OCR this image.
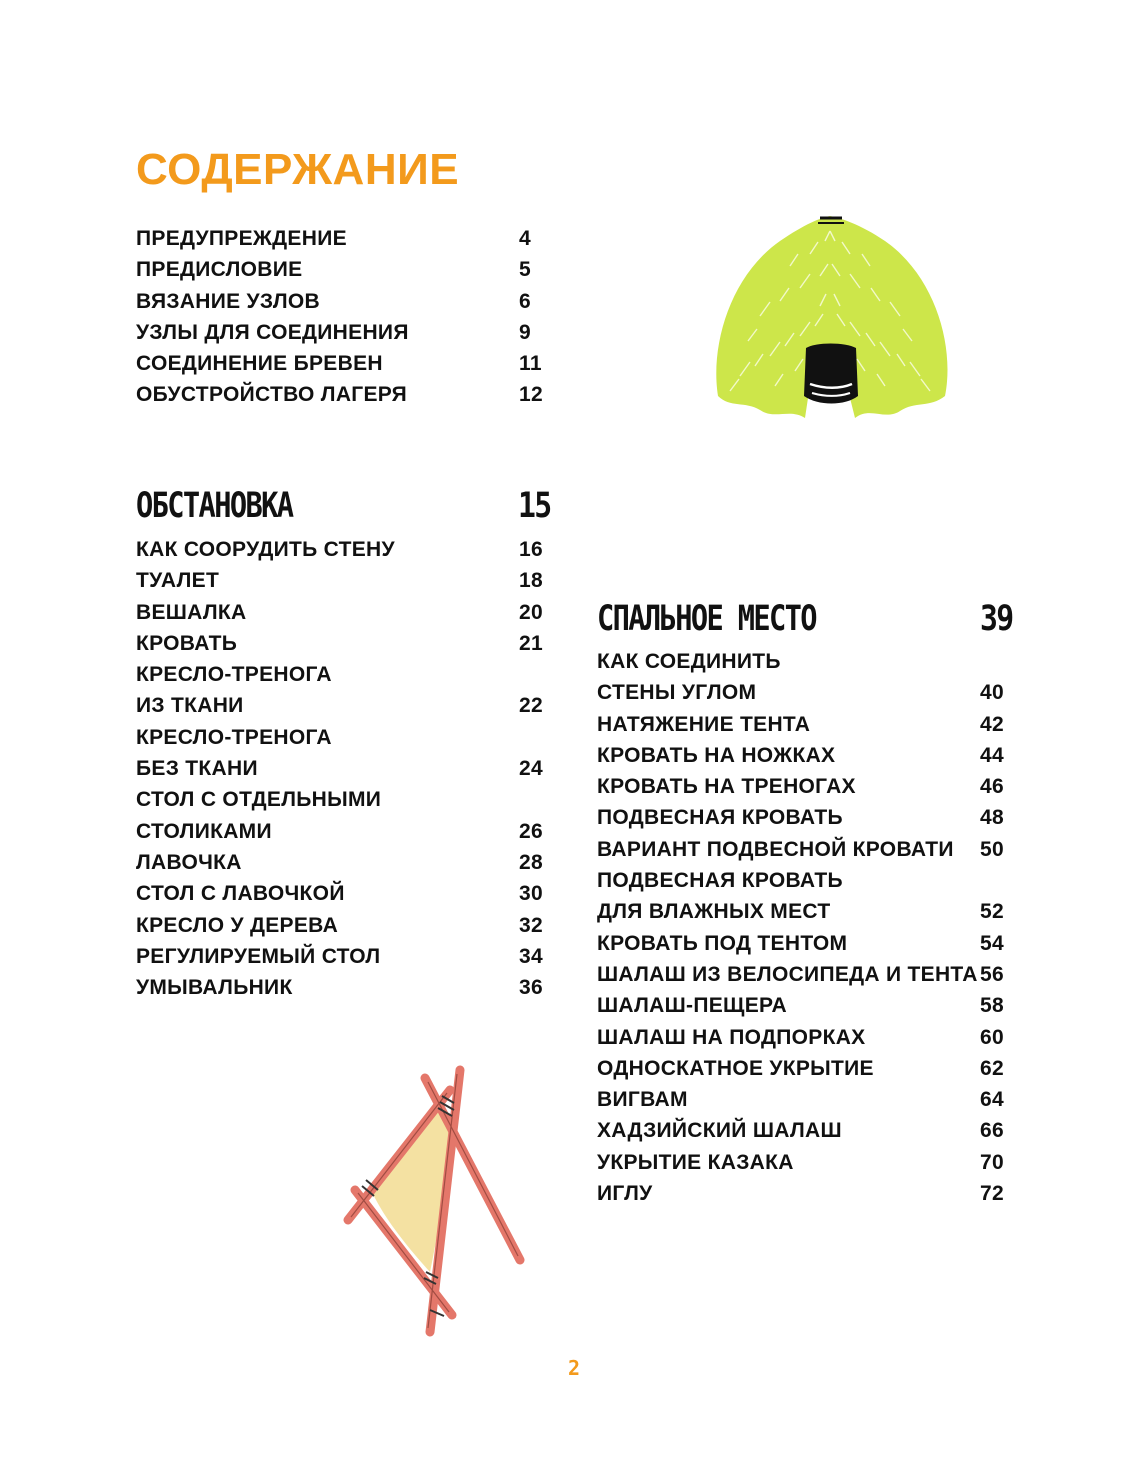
СОДЕРЖАНИЕ
ПРЕДУПРЕЖДЕНИЕ	4
ПРЕДИСЛОВИЕ	5
ВЯЗАНИЕ УЗЛОВ	6
УЗЛЫ ДЛЯ СОЕДИНЕНИЯ	9
СОЕДИНЕНИЕ БРЕВЕН	11
ОБУСТРОЙСТВО ЛАГЕРЯ	12
ОБСТАНОВКА	15
КАК СООРУДИТЬ СТЕНУ	16
ТУАЛЕТ	18
ВЕШАЛКА	20
КРОВАТЬ	21
КРЕСЛО-ТРЕНОГА
ИЗ ТКАНИ	22
КРЕСЛО-ТРЕНОГА
БЕЗ ТКАНИ	24
СТОЛ С ОТДЕЛЬНЫМИ
СТОЛИКАМИ	26
ЛАВОЧКА	28
СТОЛ С ЛАВОЧКОЙ	30
КРЕСЛО У ДЕРЕВА	32
РЕГУЛИРУЕМЫЙ СТОЛ	34
УМЫВАЛЬНИК	36
СПАЛЬНОЕ МЕСТО	39
КАК СОЕДИНИТЬ
СТЕНЫ УГЛОМ	40
НАТЯЖЕНИЕ ТЕНТА	42
КРОВАТЬ НА НОЖКАХ	44
КРОВАТЬ НА ТРЕНОГАХ	46
ПОДВЕСНАЯ КРОВАТЬ	48
ВАРИАНТ ПОДВЕСНОЙ КРОВАТИ 50
ПОДВЕСНАЯ КРОВАТЬ
ДЛЯ ВЛАЖНЫХ МЕСТ	52
КРОВАТЬ ПОД ТЕНТОМ	54
ШАЛАШ ИЗ ВЕЛОСИПЕДА И ТЕНТА 56
ШАЛАШ-ПЕЩЕРА	58
ШАЛАШ НА ПОДПОРКАХ	60
ОДНОСКАТНОЕ УКРЫТИЕ	62
ВИГВАМ	64
ХАДЗИЙСКИЙ ШАЛАШ	66
УКРЫТИЕ КАЗАКА	70
ИГЛУ	72
2
